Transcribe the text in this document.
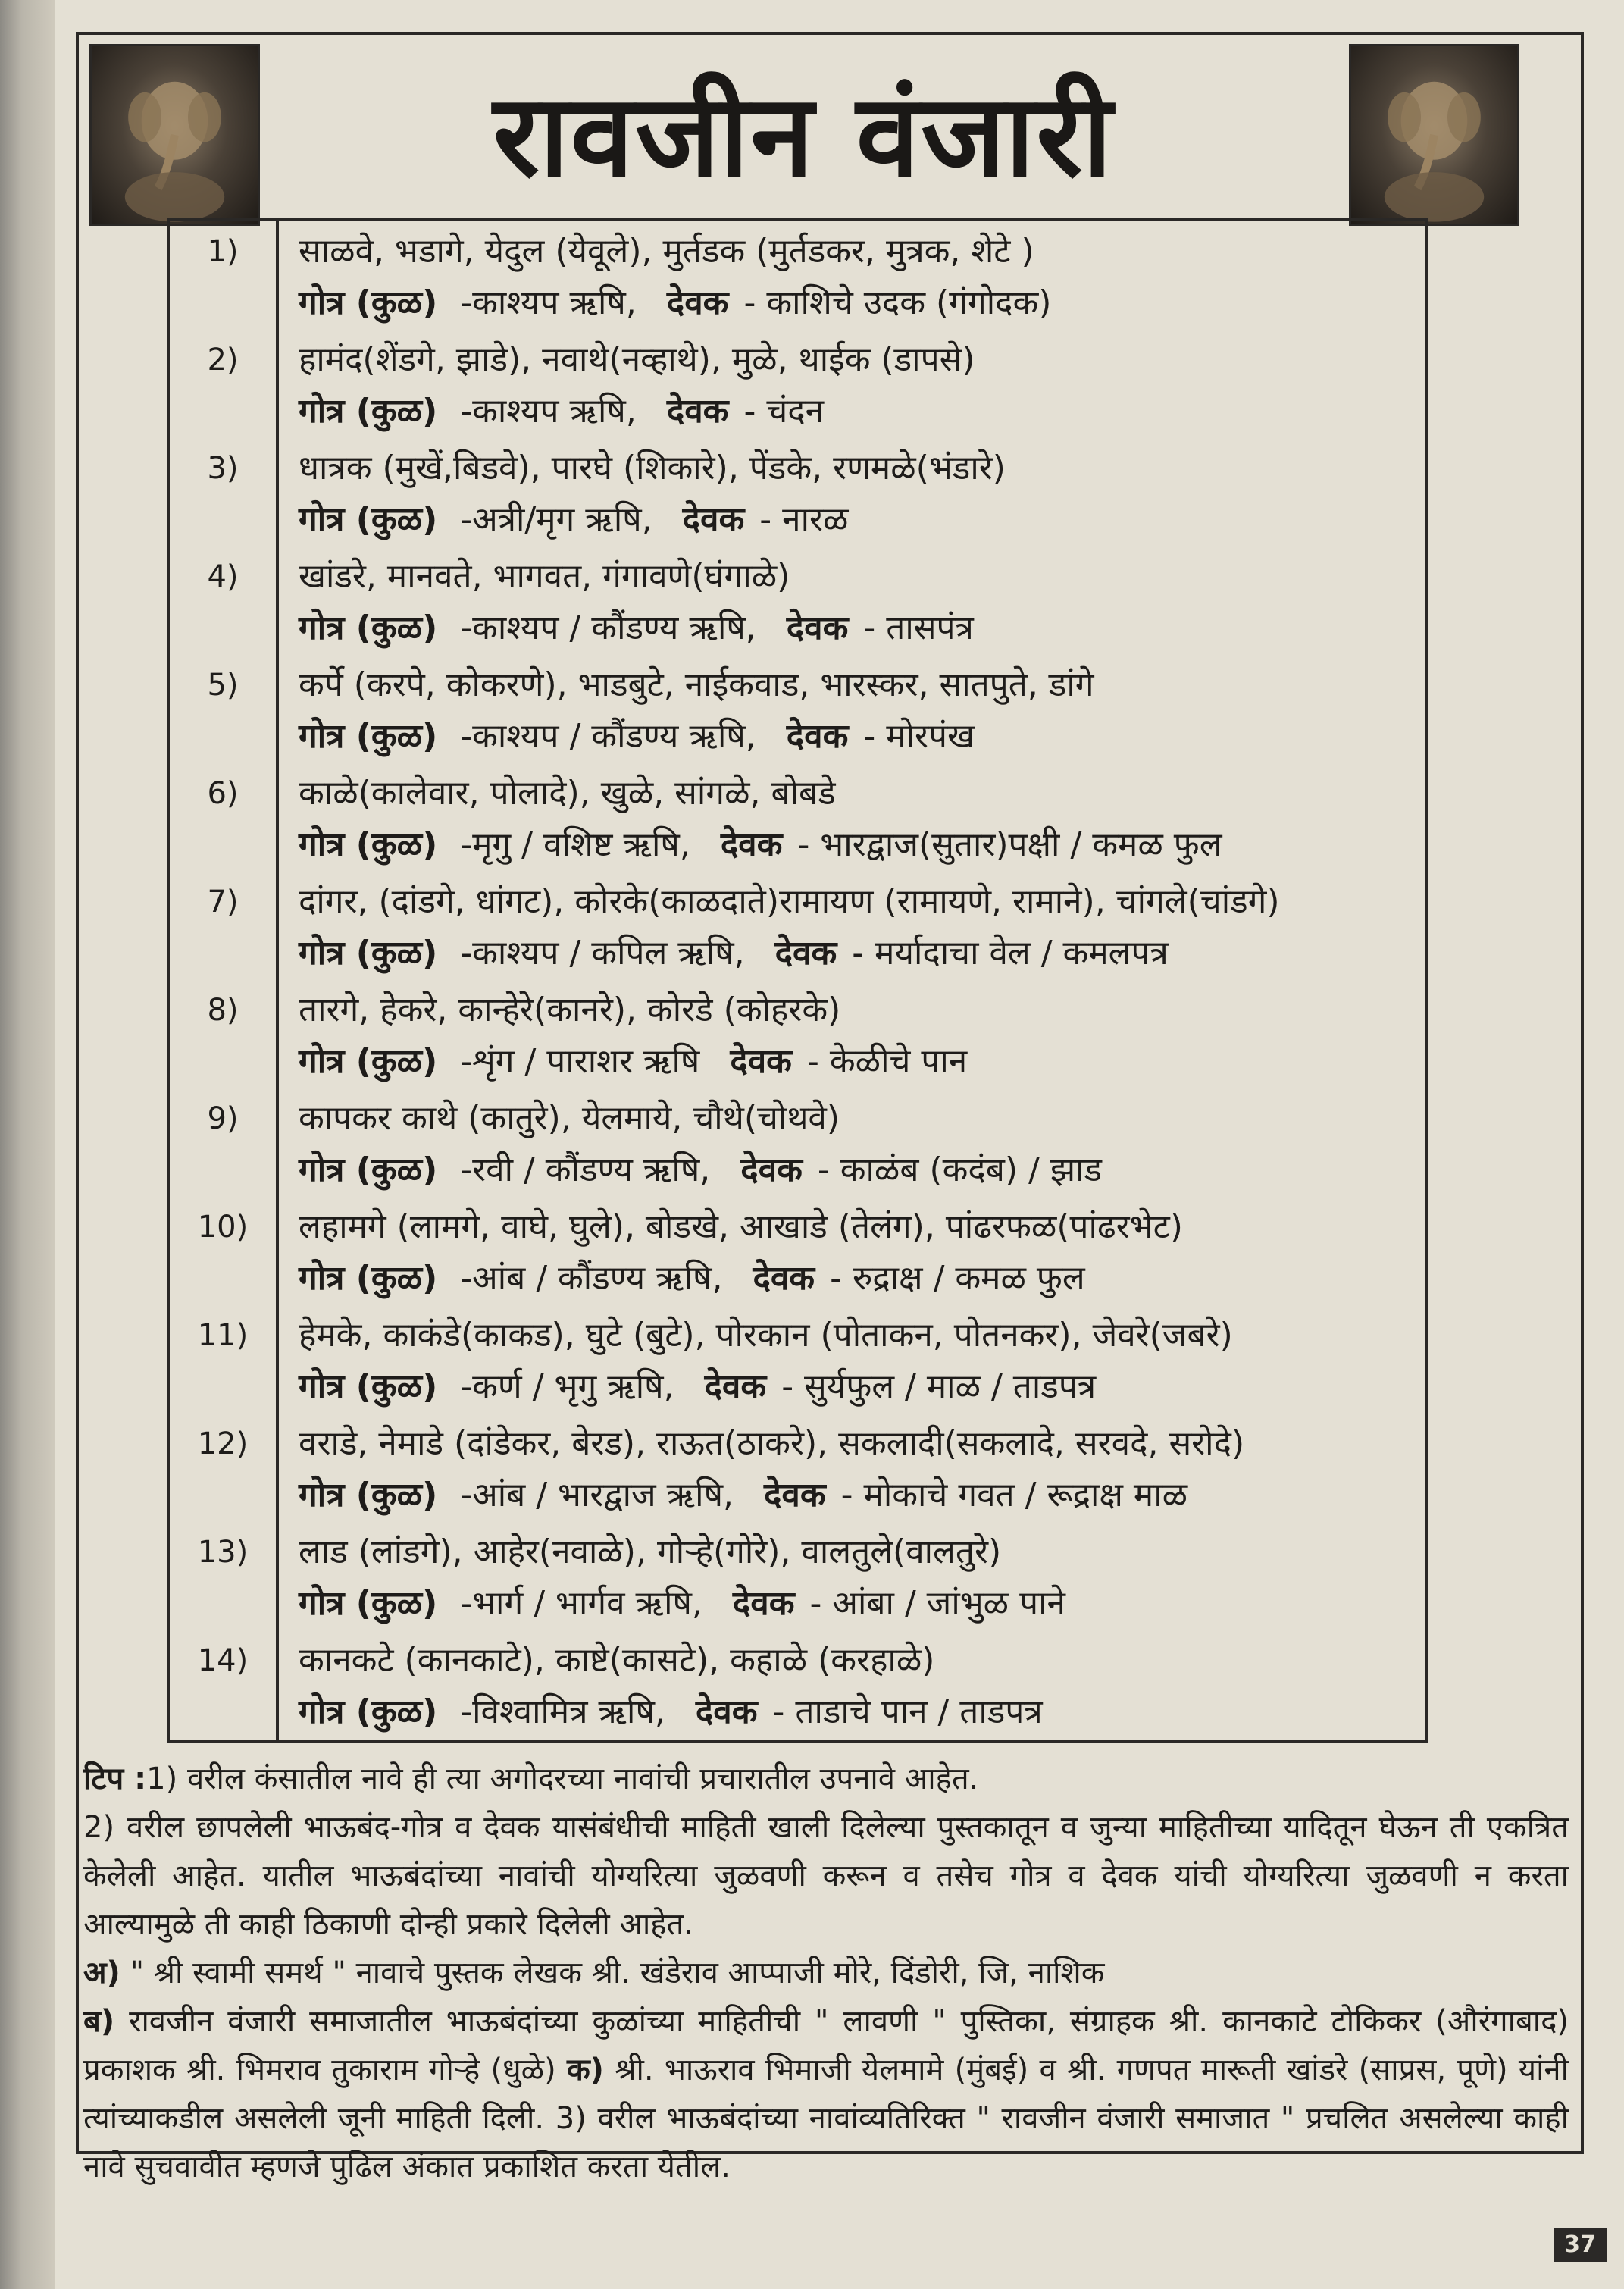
रावजीन वंजारी
1)	साळवे, भडागे, येदुल (येवूले), मुर्तडक (मुर्तडकर, मुत्रक, शेटे )
गोत्र (कुळ) -काश्यप ऋषि, देवक - काशिचे उदक (गंगोदक)
2)	हामंद(शेंडगे, झाडे), नवाथे(नव्हाथे), मुळे, थाईक (डापसे)
गोत्र (कुळ) -काश्यप ऋषि, देवक - चंदन
3)	धात्रक (मुखें,बिडवे), पारघे (शिकारे), पेंडके, रणमळे(भंडारे)
गोत्र (कुळ) -अत्री/मृग ऋषि, देवक - नारळ
4)	खांडरे, मानवते, भागवत, गंगावणे(घंगाळे)
गोत्र (कुळ) -काश्यप / कौंडण्य ऋषि, देवक - तासपंत्र
5)	कर्पे (करपे, कोकरणे), भाडबुटे, नाईकवाड, भारस्कर, सातपुते, डांगे
गोत्र (कुळ) -काश्यप / कौंडण्य ऋषि, देवक - मोरपंख
6)	काळे(कालेवार, पोलादे), खुळे, सांगळे, बोबडे
गोत्र (कुळ) -मृगु / वशिष्ट ऋषि, देवक - भारद्वाज(सुतार)पक्षी / कमळ फुल
7)	दांगर, (दांडगे, धांगट), कोरके(काळदाते)रामायण (रामायणे, रामाने), चांगले(चांडगे)
गोत्र (कुळ) -काश्यप / कपिल ऋषि, देवक - मर्यादाचा वेल / कमलपत्र
8)	तारगे, हेकरे, कान्हेरे(कानरे), कोरडे (कोहरके)
गोत्र (कुळ) -शृंग / पाराशर ऋषि देवक - केळीचे पान
9)	कापकर काथे (कातुरे), येलमाये, चौथे(चोथवे)
गोत्र (कुळ) -रवी / कौंडण्य ऋषि, देवक - काळंब (कदंब) / झाड
10)	लहामगे (लामगे, वाघे, घुले), बोडखे, आखाडे (तेलंग), पांढरफळ(पांढरभेट)
गोत्र (कुळ) -आंब / कौंडण्य ऋषि, देवक - रुद्राक्ष / कमळ फुल
11)	हेमके, काकंडे(काकड), घुटे (बुटे), पोरकान (पोताकन, पोतनकर), जेवरे(जबरे)
गोत्र (कुळ) -कर्ण / भृगु ऋषि, देवक - सुर्यफुल / माळ / ताडपत्र
12)	वराडे, नेमाडे (दांडेकर, बेरड), राऊत(ठाकरे), सकलादी(सकलादे, सरवदे, सरोदे)
गोत्र (कुळ) -आंब / भारद्वाज ऋषि, देवक - मोकाचे गवत / रूद्राक्ष माळ
13)	लाड (लांडगे), आहेर(नवाळे), गोऱ्हे(गोरे), वालतुले(वालतुरे)
गोत्र (कुळ) -भार्ग / भार्गव ऋषि, देवक - आंबा / जांभुळ पाने
14)	कानकटे (कानकाटे), काष्टे(कासटे), कहाळे (करहाळे)
गोत्र (कुळ) -विश्वामित्र ऋषि, देवक - ताडाचे पान / ताडपत्र

टिप :1) वरील कंसातील नावे ही त्या अगोदरच्या नावांची प्रचारातील उपनावे आहेत.

2) वरील छापलेली भाऊबंद-गोत्र व देवक यासंबंधीची माहिती खाली दिलेल्या पुस्तकातून व जुन्या माहितीच्या यादितून घेऊन ती एकत्रित केलेली आहेत. यातील भाऊबंदांच्या नावांची योग्यरित्या जुळवणी करून व तसेच गोत्र व देवक यांची योग्यरित्या जुळवणी न करता आल्यामुळे ती काही ठिकाणी दोन्ही प्रकारे दिलेली आहेत.

अ) " श्री स्वामी समर्थ " नावाचे पुस्तक लेखक श्री. खंडेराव आप्पाजी मोरे, दिंडोरी, जि, नाशिक

ब) रावजीन वंजारी समाजातील भाऊबंदांच्या कुळांच्या माहितीची " लावणी " पुस्तिका, संग्राहक श्री. कानकाटे टोकिकर (औरंगाबाद) प्रकाशक श्री. भिमराव तुकाराम गोऱ्हे (धुळे) क) श्री. भाऊराव भिमाजी येलमामे (मुंबई) व श्री. गणपत मारूती खांडरे (साप्रस, पूणे) यांनी त्यांच्याकडील असलेली जूनी माहिती दिली. 3) वरील भाऊबंदांच्या नावांव्यतिरिक्त " रावजीन वंजारी समाजात " प्रचलित असलेल्या काही नावे सुचवावीत म्हणजे पुढिल अंकात प्रकाशित करता येतील.

37
